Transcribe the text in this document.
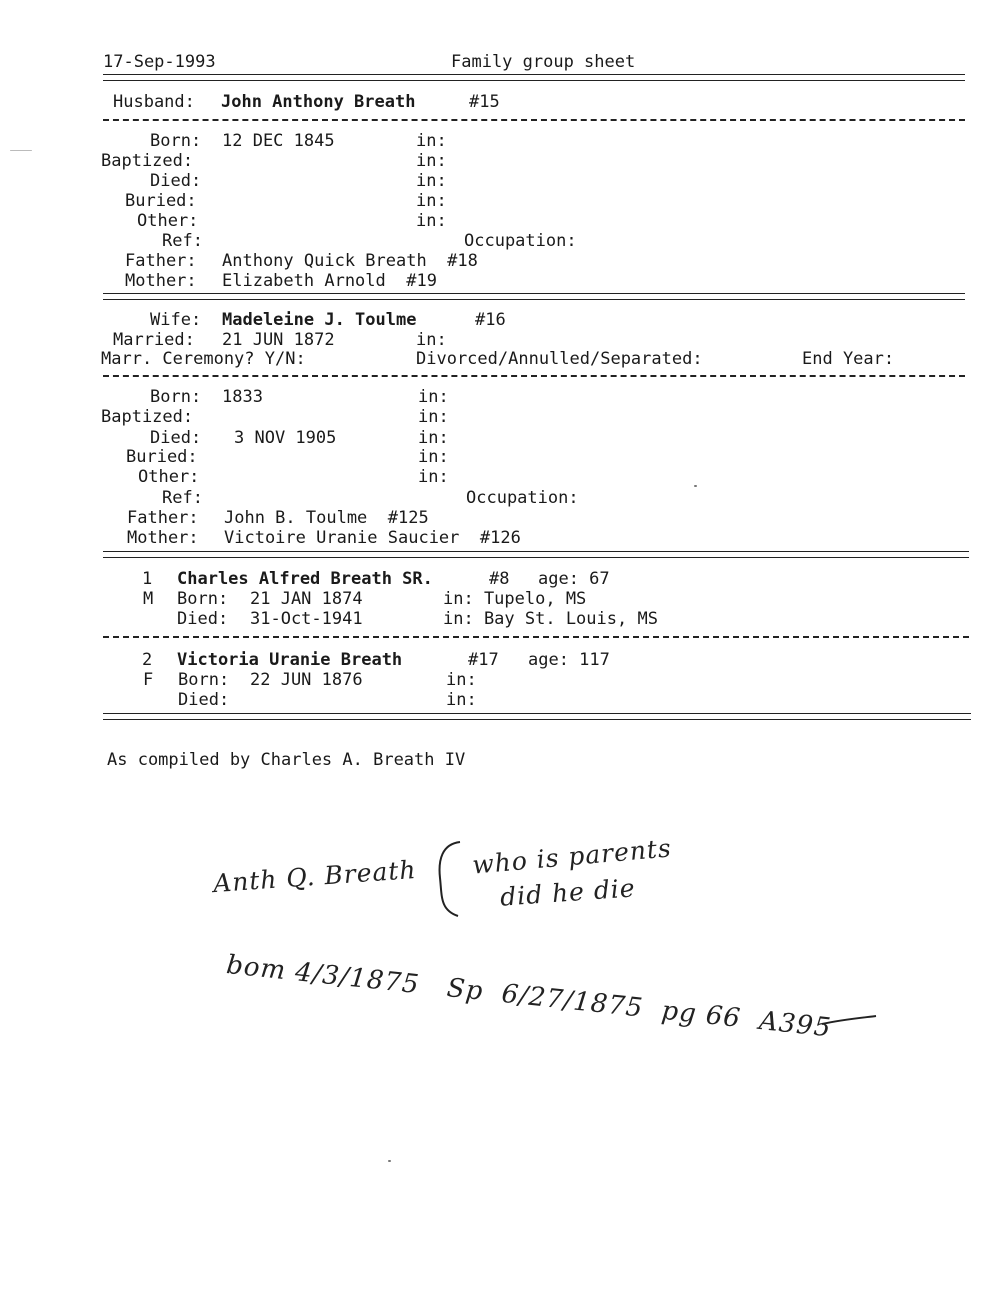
17-Sep-1993	Family group sheet
Husband: John Anthony Breath	#15
Born: 12 DEC 1845	in:
Baptized:	in:
Died:	in:
Buried:	in:
Other:	in:
Ref:	Occupation:
Father: Anthony Quick Breath  #18
Mother: Elizabeth Arnold  #19
Wife: Madeleine J. Toulme	#16
Married: 21 JUN 1872	in:
Marr. Ceremony? Y/N:	Divorced/Annulled/Separated:	End Year:
Born: 1833	in:
Baptized:	in:
Died: 3 NOV 1905	in:
Buried:	in:
Other:	in:
Ref:	Occupation:
Father: John B. Toulme  #125
Mother: Victoire Uranie Saucier  #126
1 Charles Alfred Breath SR.	#8 age: 67
M Born: 21 JAN 1874	in: Tupelo, MS
Died: 31-Oct-1941	in: Bay St. Louis, MS
2 Victoria Uranie Breath	#17 age: 117
F Born: 22 JUN 1876	in:
Died:	in:
As compiled by Charles A. Breath IV
Anth Q. Breath who is parents
did he die
bom 4/3/1875   Sp  6/27/1875  pg 66  A395
